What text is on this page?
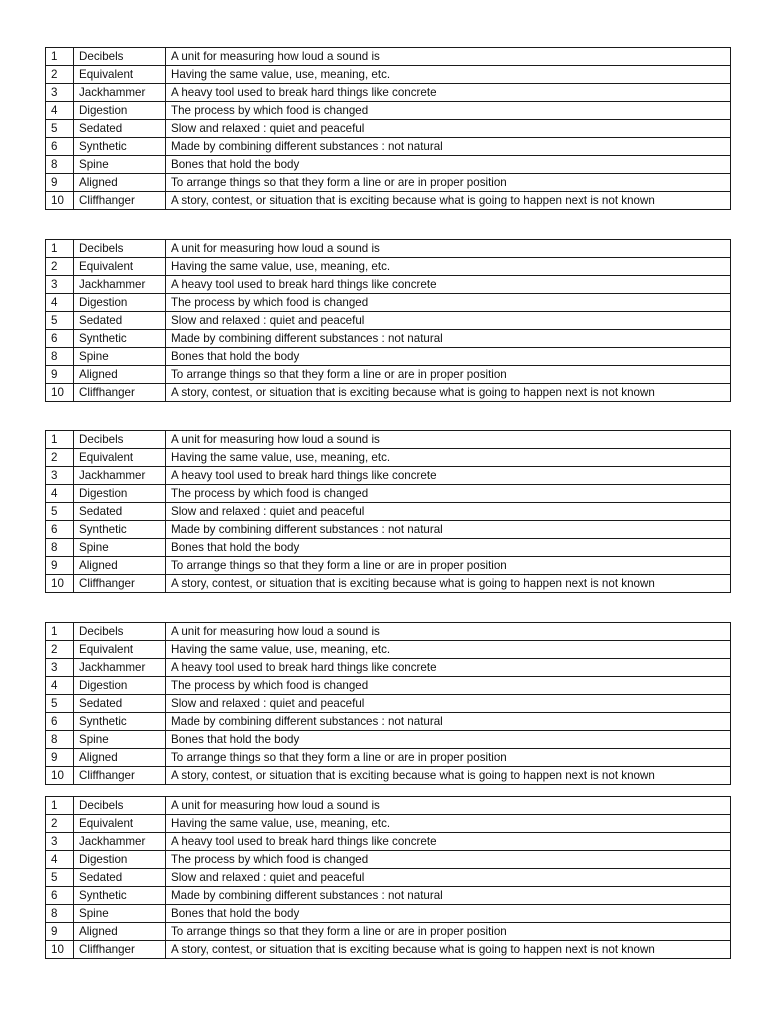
1	Decibels	A unit for measuring how loud a sound is
2	Equivalent	Having the same value, use, meaning, etc.
3	Jackhammer	A heavy tool used to break hard things like concrete
4	Digestion	The process by which food is changed
5	Sedated	Slow and relaxed : quiet and peaceful
6	Synthetic	Made by combining different substances : not natural
8	Spine	Bones that hold the body
9	Aligned	To arrange things so that they form a line or are in proper position
10	Cliffhanger	A story, contest, or situation that is exciting because what is going to happen next is not known
1	Decibels	A unit for measuring how loud a sound is
2	Equivalent	Having the same value, use, meaning, etc.
3	Jackhammer	A heavy tool used to break hard things like concrete
4	Digestion	The process by which food is changed
5	Sedated	Slow and relaxed : quiet and peaceful
6	Synthetic	Made by combining different substances : not natural
8	Spine	Bones that hold the body
9	Aligned	To arrange things so that they form a line or are in proper position
10	Cliffhanger	A story, contest, or situation that is exciting because what is going to happen next is not known
1	Decibels	A unit for measuring how loud a sound is
2	Equivalent	Having the same value, use, meaning, etc.
3	Jackhammer	A heavy tool used to break hard things like concrete
4	Digestion	The process by which food is changed
5	Sedated	Slow and relaxed : quiet and peaceful
6	Synthetic	Made by combining different substances : not natural
8	Spine	Bones that hold the body
9	Aligned	To arrange things so that they form a line or are in proper position
10	Cliffhanger	A story, contest, or situation that is exciting because what is going to happen next is not known
1	Decibels	A unit for measuring how loud a sound is
2	Equivalent	Having the same value, use, meaning, etc.
3	Jackhammer	A heavy tool used to break hard things like concrete
4	Digestion	The process by which food is changed
5	Sedated	Slow and relaxed : quiet and peaceful
6	Synthetic	Made by combining different substances : not natural
8	Spine	Bones that hold the body
9	Aligned	To arrange things so that they form a line or are in proper position
10	Cliffhanger	A story, contest, or situation that is exciting because what is going to happen next is not known
1	Decibels	A unit for measuring how loud a sound is
2	Equivalent	Having the same value, use, meaning, etc.
3	Jackhammer	A heavy tool used to break hard things like concrete
4	Digestion	The process by which food is changed
5	Sedated	Slow and relaxed : quiet and peaceful
6	Synthetic	Made by combining different substances : not natural
8	Spine	Bones that hold the body
9	Aligned	To arrange things so that they form a line or are in proper position
10	Cliffhanger	A story, contest, or situation that is exciting because what is going to happen next is not known
